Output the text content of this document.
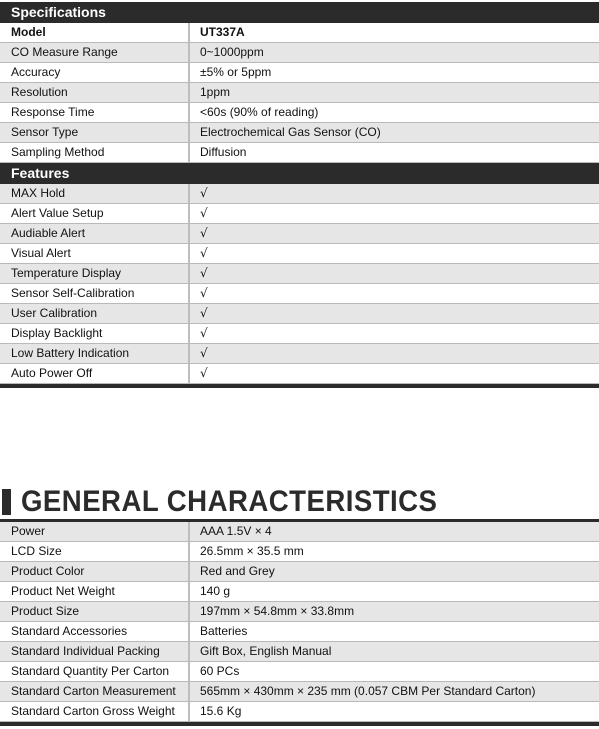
Specifications
Model	UT337A
CO Measure Range	0~1000ppm
Accuracy	±5% or 5ppm
Resolution	1ppm
Response Time	<60s (90% of reading)
Sensor Type	Electrochemical Gas Sensor (CO)
Sampling Method	Diffusion
Features
MAX Hold	√
Alert Value Setup	√
Audiable Alert	√
Visual Alert	√
Temperature Display	√
Sensor Self-Calibration	√
User Calibration	√
Display Backlight	√
Low Battery Indication	√
Auto Power Off	√
GENERAL CHARACTERISTICS
Power	AAA 1.5V × 4
LCD Size	26.5mm × 35.5 mm
Product Color	Red and Grey
Product Net Weight	140 g
Product Size	197mm × 54.8mm × 33.8mm
Standard Accessories	Batteries
Standard Individual Packing	Gift Box, English Manual
Standard Quantity Per Carton	60 PCs
Standard Carton Measurement	565mm × 430mm × 235 mm (0.057 CBM Per Standard Carton)
Standard Carton Gross Weight	15.6 Kg
